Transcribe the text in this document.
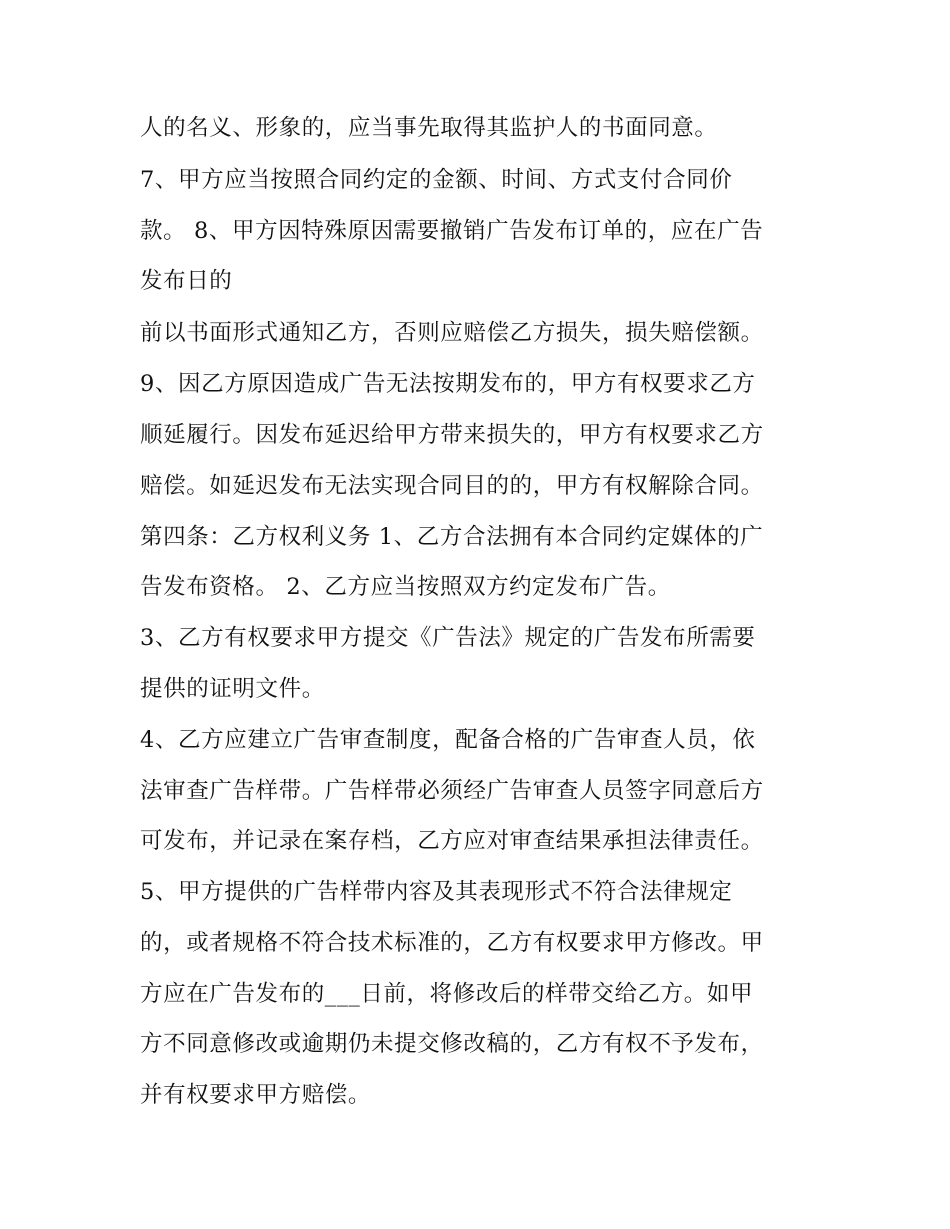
人的名义、形象的，应当事先取得其监护人的书面同意。
7、甲方应当按照合同约定的金额、时间、方式支付合同价
款。 8、甲方因特殊原因需要撤销广告发布订单的，应在广告
发布日的
前以书面形式通知乙方，否则应赔偿乙方损失，损失赔偿额。
9、因乙方原因造成广告无法按期发布的，甲方有权要求乙方
顺延履行。因发布延迟给甲方带来损失的，甲方有权要求乙方
赔偿。如延迟发布无法实现合同目的的，甲方有权解除合同。
第四条：乙方权利义务 1、乙方合法拥有本合同约定媒体的广
告发布资格。 2、乙方应当按照双方约定发布广告。
3、乙方有权要求甲方提交《广告法》规定的广告发布所需要
提供的证明文件。
4、乙方应建立广告审查制度，配备合格的广告审查人员，依
法审查广告样带。广告样带必须经广告审查人员签字同意后方
可发布，并记录在案存档，乙方应对审查结果承担法律责任。
5、甲方提供的广告样带内容及其表现形式不符合法律规定
的，或者规格不符合技术标准的，乙方有权要求甲方修改。甲
方应在广告发布的___日前，将修改后的样带交给乙方。如甲
方不同意修改或逾期仍未提交修改稿的，乙方有权不予发布，
并有权要求甲方赔偿。
